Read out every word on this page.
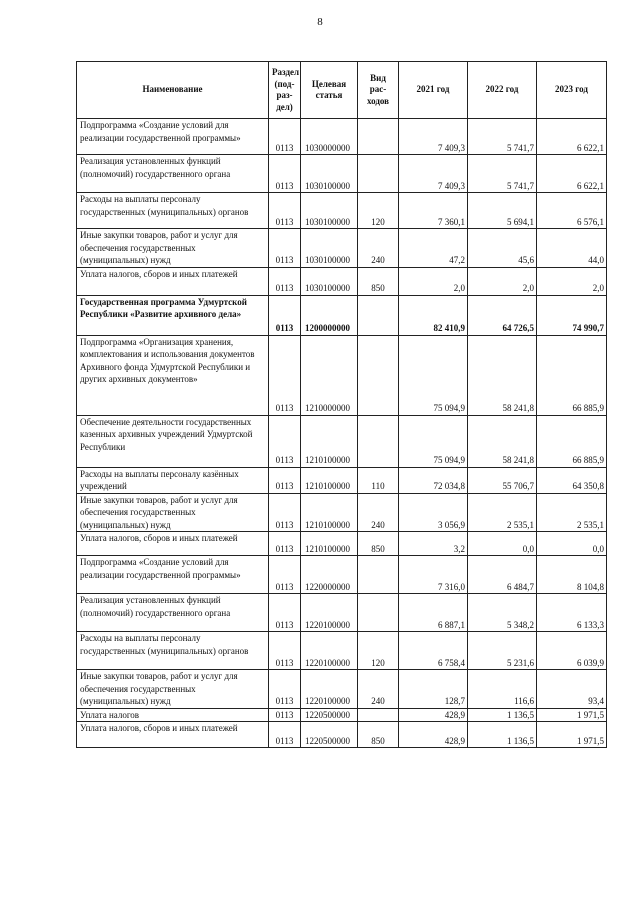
8
Наименование	Раздел (под-раз-дел)	Целевая статья	Вид рас-ходов	2021 год	2022 год	2023 год
Подпрограмма «Создание условий для реализации государственной программы»	0113	1030000000		7 409,3	5 741,7	6 622,1
Реализация установленных функций (полномочий) государственного органа	0113	1030100000		7 409,3	5 741,7	6 622,1
Расходы на выплаты персоналу государственных (муниципальных) органов	0113	1030100000	120	7 360,1	5 694,1	6 576,1
Иные закупки товаров, работ и услуг для обеспечения государственных (муниципальных) нужд	0113	1030100000	240	47,2	45,6	44,0
Уплата налогов, сборов и иных платежей	0113	1030100000	850	2,0	2,0	2,0
Государственная программа Удмуртской Республики «Развитие архивного дела»	0113	1200000000		82 410,9	64 726,5	74 990,7
Подпрограмма «Организация хранения, комплектования и использования документов Архивного фонда Удмуртской Республики и других архивных документов»	0113	1210000000		75 094,9	58 241,8	66 885,9
Обеспечение деятельности государственных казенных архивных учреждений Удмуртской Республики	0113	1210100000		75 094,9	58 241,8	66 885,9
Расходы на выплаты персоналу казённых учреждений	0113	1210100000	110	72 034,8	55 706,7	64 350,8
Иные закупки товаров, работ и услуг для обеспечения государственных (муниципальных) нужд	0113	1210100000	240	3 056,9	2 535,1	2 535,1
Уплата налогов, сборов и иных платежей	0113	1210100000	850	3,2	0,0	0,0
Подпрограмма «Создание условий для реализации государственной программы»	0113	1220000000		7 316,0	6 484,7	8 104,8
Реализация установленных функций (полномочий) государственного органа	0113	1220100000		6 887,1	5 348,2	6 133,3
Расходы на выплаты персоналу государственных (муниципальных) органов	0113	1220100000	120	6 758,4	5 231,6	6 039,9
Иные закупки товаров, работ и услуг для обеспечения государственных (муниципальных) нужд	0113	1220100000	240	128,7	116,6	93,4
Уплата налогов	0113	1220500000		428,9	1 136,5	1 971,5
Уплата налогов, сборов и иных платежей	0113	1220500000	850	428,9	1 136,5	1 971,5
